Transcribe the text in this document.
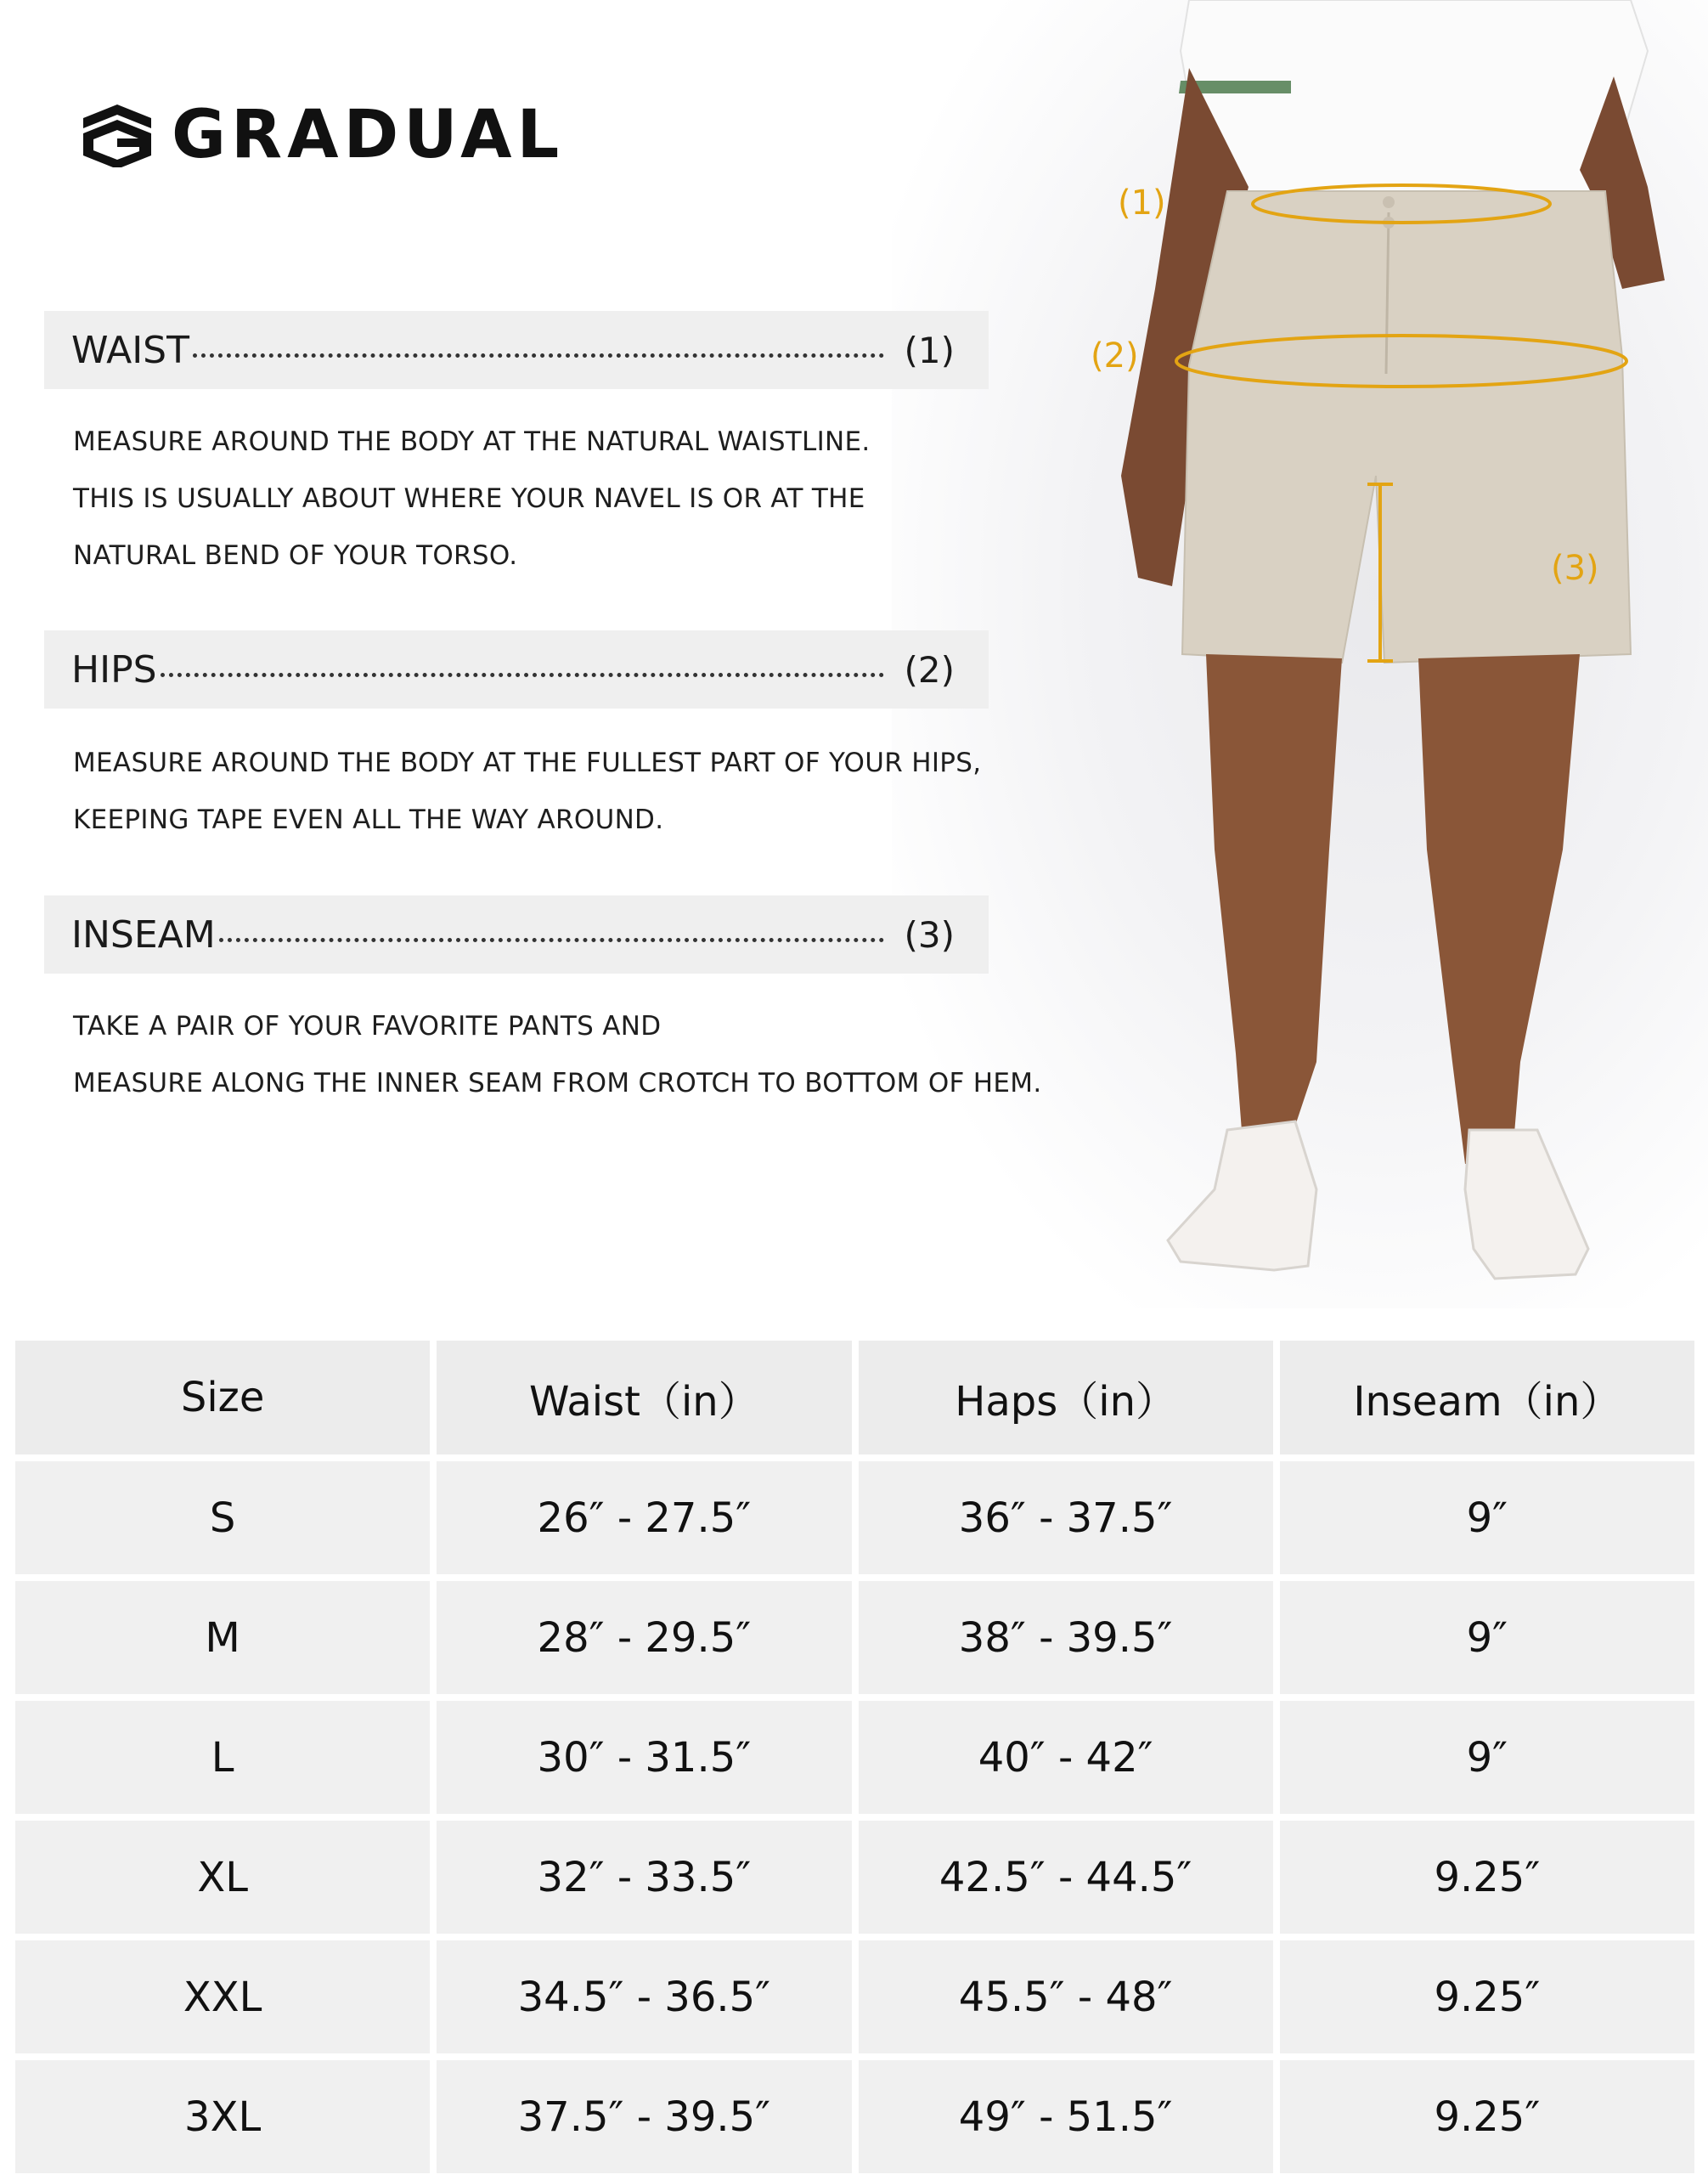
GRADUAL
WAIST	(1)
MEASURE AROUND THE BODY AT THE NATURAL WAISTLINE.
THIS IS USUALLY ABOUT WHERE YOUR NAVEL IS OR AT THE
NATURAL BEND OF YOUR TORSO.
HIPS	(2)
MEASURE AROUND THE BODY AT THE FULLEST PART OF YOUR HIPS,
KEEPING TAPE EVEN ALL THE WAY AROUND.
INSEAM	(3)
TAKE A PAIR OF YOUR FAVORITE PANTS AND
MEASURE ALONG THE INNER SEAM FROM CROTCH TO BOTTOM OF HEM.
(1)
(2)
(3)
Size	Waist（in）	Haps（in）	Inseam（in）
S	26″ - 27.5″	36″ - 37.5″	9″
M	28″ - 29.5″	38″ - 39.5″	9″
L	30″ - 31.5″	40″ - 42″	9″
XL	32″ - 33.5″	42.5″ - 44.5″	9.25″
XXL	34.5″ - 36.5″	45.5″ - 48″	9.25″
3XL	37.5″ - 39.5″	49″ - 51.5″	9.25″
